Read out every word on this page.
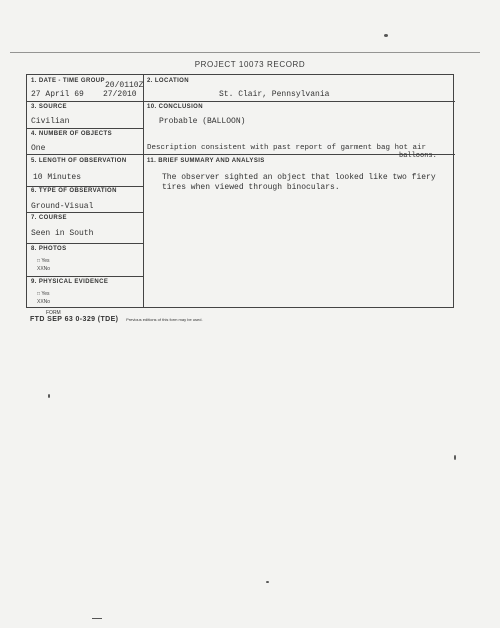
PROJECT 10073 RECORD
1. DATE - TIME GROUP 20/0110Z
27 April 69 27/2010
2. LOCATION
St. Clair, Pennsylvania
3. SOURCE
Civilian
4. NUMBER OF OBJECTS
One
5. LENGTH OF OBSERVATION
10 Minutes
6. TYPE OF OBSERVATION
Ground-Visual
7. COURSE
Seen in South
8. PHOTOS
□ Yes
XXNo
9. PHYSICAL EVIDENCE
□ Yes
XXNo
10. CONCLUSION
Probable (BALLOON)
Description consistent with past report of garment bag hot air
balloons.
11. BRIEF SUMMARY AND ANALYSIS
The observer sighted an object that looked like two fiery
tires when viewed through binoculars.
FORM
FTD SEP 63 0-329 (TDE) Previous editions of this form may be used.
